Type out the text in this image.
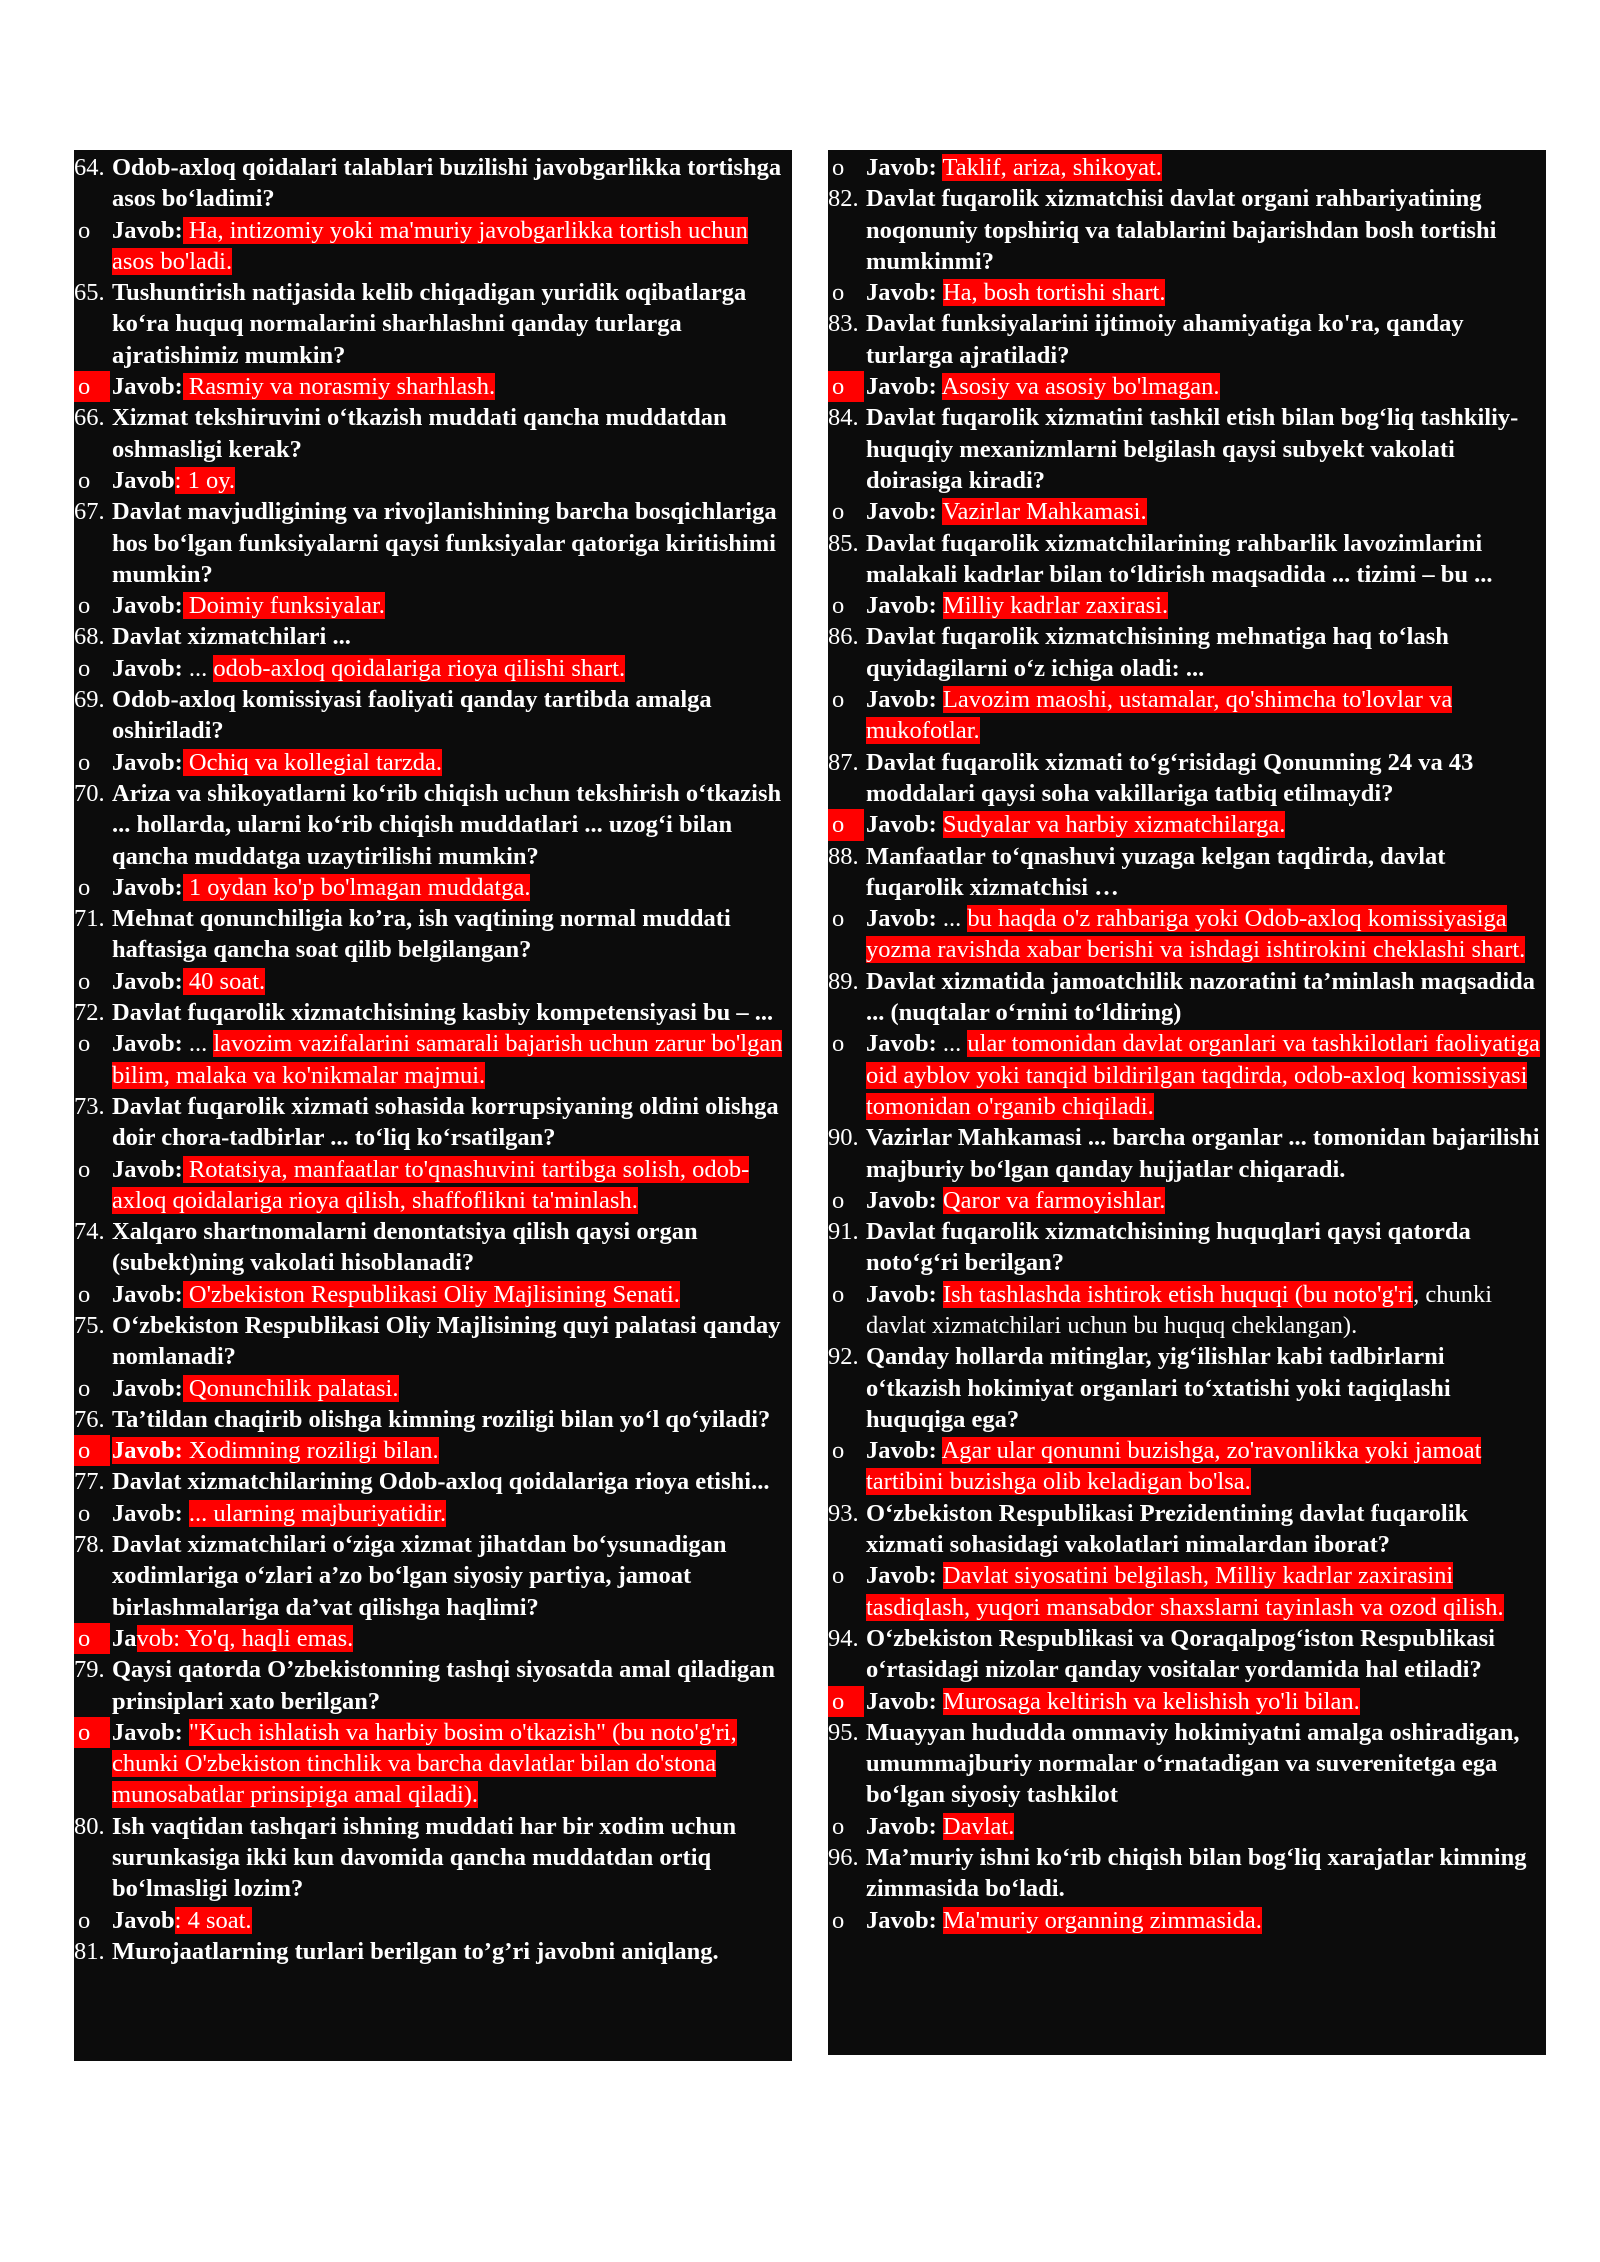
64. Odob-axloq qoidalari talablari buzilishi javobgarlikka tortishga asos bo‘ladimi?
o Javob: Ha, intizomiy yoki ma'muriy javobgarlikka tortish uchun asos bo'ladi.
65. Tushuntirish natijasida kelib chiqadigan yuridik oqibatlarga ko‘ra huquq normalarini sharhlashni qanday turlarga ajratishimiz mumkin?
o Javob: Rasmiy va norasmiy sharhlash.
66. Xizmat tekshiruvini o‘tkazish muddati qancha muddatdan oshmasligi kerak?
o Javob: 1 oy.
67. Davlat mavjudligining va rivojlanishining barcha bosqichlariga hos bo‘lgan funksiyalarni qaysi funksiyalar qatoriga kiritishimi mumkin?
o Javob: Doimiy funksiyalar.
68. Davlat xizmatchilari ...
o Javob: ... odob-axloq qoidalariga rioya qilishi shart.
69. Odob-axloq komissiyasi faoliyati qanday tartibda amalga oshiriladi?
o Javob: Ochiq va kollegial tarzda.
70. Ariza va shikoyatlarni ko‘rib chiqish uchun tekshirish o‘tkazish ... hollarda, ularni ko‘rib chiqish muddatlari ... uzog‘i bilan qancha muddatga uzaytirilishi mumkin?
o Javob: 1 oydan ko'p bo'lmagan muddatga.
71. Mehnat qonunchiligia ko’ra, ish vaqtining normal muddati haftasiga qancha soat qilib belgilangan?
o Javob: 40 soat.
72. Davlat fuqarolik xizmatchisining kasbiy kompetensiyasi bu – ...
o Javob: ... lavozim vazifalarini samarali bajarish uchun zarur bo'lgan bilim, malaka va ko'nikmalar majmui.
73. Davlat fuqarolik xizmati sohasida korrupsiyaning oldini olishga doir chora-tadbirlar ... to‘liq ko‘rsatilgan?
o Javob: Rotatsiya, manfaatlar to'qnashuvini tartibga solish, odob-axloq qoidalariga rioya qilish, shaffoflikni ta'minlash.
74. Xalqaro shartnomalarni denontatsiya qilish qaysi organ (subekt)ning vakolati hisoblanadi?
o Javob: O'zbekiston Respublikasi Oliy Majlisining Senati.
75. O‘zbekiston Respublikasi Oliy Majlisining quyi palatasi qanday nomlanadi?
o Javob: Qonunchilik palatasi.
76. Ta’tildan chaqirib olishga kimning roziligi bilan yo‘l qo‘yiladi?
o Javob: Xodimning roziligi bilan.
77. Davlat xizmatchilarining Odob-axloq qoidalariga rioya etishi...
o Javob: ... ularning majburiyatidir.
78. Davlat xizmatchilari o‘ziga xizmat jihatdan bo‘ysunadigan xodimlariga o‘zlari a’zo bo‘lgan siyosiy partiya, jamoat birlashmalariga da’vat qilishga haqlimi?
o Javob: Yo'q, haqli emas.
79. Qaysi qatorda O’zbekistonning tashqi siyosatda amal qiladigan prinsiplari xato berilgan?
o Javob: "Kuch ishlatish va harbiy bosim o'tkazish" (bu noto'g'ri, chunki O'zbekiston tinchlik va barcha davlatlar bilan do'stona munosabatlar prinsipiga amal qiladi).
80. Ish vaqtidan tashqari ishning muddati har bir xodim uchun surunkasiga ikki kun davomida qancha muddatdan ortiq bo‘lmasligi lozim?
o Javob: 4 soat.
81. Murojaatlarning turlari berilgan to’g’ri javobni aniqlang.
o Javob: Taklif, ariza, shikoyat.
82. Davlat fuqarolik xizmatchisi davlat organi rahbariyatining noqonuniy topshiriq va talablarini bajarishdan bosh tortishi mumkinmi?
o Javob: Ha, bosh tortishi shart.
83. Davlat funksiyalarini ijtimoiy ahamiyatiga ko'ra, qanday turlarga ajratiladi?
o Javob: Asosiy va asosiy bo'lmagan.
84. Davlat fuqarolik xizmatini tashkil etish bilan bog‘liq tashkiliy-huquqiy mexanizmlarni belgilash qaysi subyekt vakolati doirasiga kiradi?
o Javob: Vazirlar Mahkamasi.
85. Davlat fuqarolik xizmatchilarining rahbarlik lavozimlarini malakali kadrlar bilan to‘ldirish maqsadida ... tizimi – bu ...
o Javob: Milliy kadrlar zaxirasi.
86. Davlat fuqarolik xizmatchisining mehnatiga haq to‘lash quyidagilarni o‘z ichiga oladi: ...
o Javob: Lavozim maoshi, ustamalar, qo'shimcha to'lovlar va mukofotlar.
87. Davlat fuqarolik xizmati to‘g‘risidagi Qonunning 24 va 43 moddalari qaysi soha vakillariga tatbiq etilmaydi?
o Javob: Sudyalar va harbiy xizmatchilarga.
88. Manfaatlar to‘qnashuvi yuzaga kelgan taqdirda, davlat fuqarolik xizmatchisi …
o Javob: ... bu haqda o'z rahbariga yoki Odob-axloq komissiyasiga yozma ravishda xabar berishi va ishdagi ishtirokini cheklashi shart.
89. Davlat xizmatida jamoatchilik nazoratini ta’minlash maqsadida ... (nuqtalar o‘rnini to‘ldiring)
o Javob: ... ular tomonidan davlat organlari va tashkilotlari faoliyatiga oid ayblov yoki tanqid bildirilgan taqdirda, odob-axloq komissiyasi tomonidan o'rganib chiqiladi.
90. Vazirlar Mahkamasi ... barcha organlar ... tomonidan bajarilishi majburiy bo‘lgan qanday hujjatlar chiqaradi.
o Javob: Qaror va farmoyishlar.
91. Davlat fuqarolik xizmatchisining huquqlari qaysi qatorda noto‘g‘ri berilgan?
o Javob: Ish tashlashda ishtirok etish huquqi (bu noto'g'ri, chunki davlat xizmatchilari uchun bu huquq cheklangan).
92. Qanday hollarda mitinglar, yig‘ilishlar kabi tadbirlarni o‘tkazish hokimiyat organlari to‘xtatishi yoki taqiqlashi huquqiga ega?
o Javob: Agar ular qonunni buzishga, zo'ravonlikka yoki jamoat tartibini buzishga olib keladigan bo'lsa.
93. O‘zbekiston Respublikasi Prezidentining davlat fuqarolik xizmati sohasidagi vakolatlari nimalardan iborat?
o Javob: Davlat siyosatini belgilash, Milliy kadrlar zaxirasini tasdiqlash, yuqori mansabdor shaxslarni tayinlash va ozod qilish.
94. O‘zbekiston Respublikasi va Qoraqalpog‘iston Respublikasi o‘rtasidagi nizolar qanday vositalar yordamida hal etiladi?
o Javob: Murosaga keltirish va kelishish yo'li bilan.
95. Muayyan hududda ommaviy hokimiyatni amalga oshiradigan, umummajburiy normalar o‘rnatadigan va suverenitetga ega bo‘lgan siyosiy tashkilot
o Javob: Davlat.
96. Ma’muriy ishni ko‘rib chiqish bilan bog‘liq xarajatlar kimning zimmasida bo‘ladi.
o Javob: Ma'muriy organning zimmasida.
